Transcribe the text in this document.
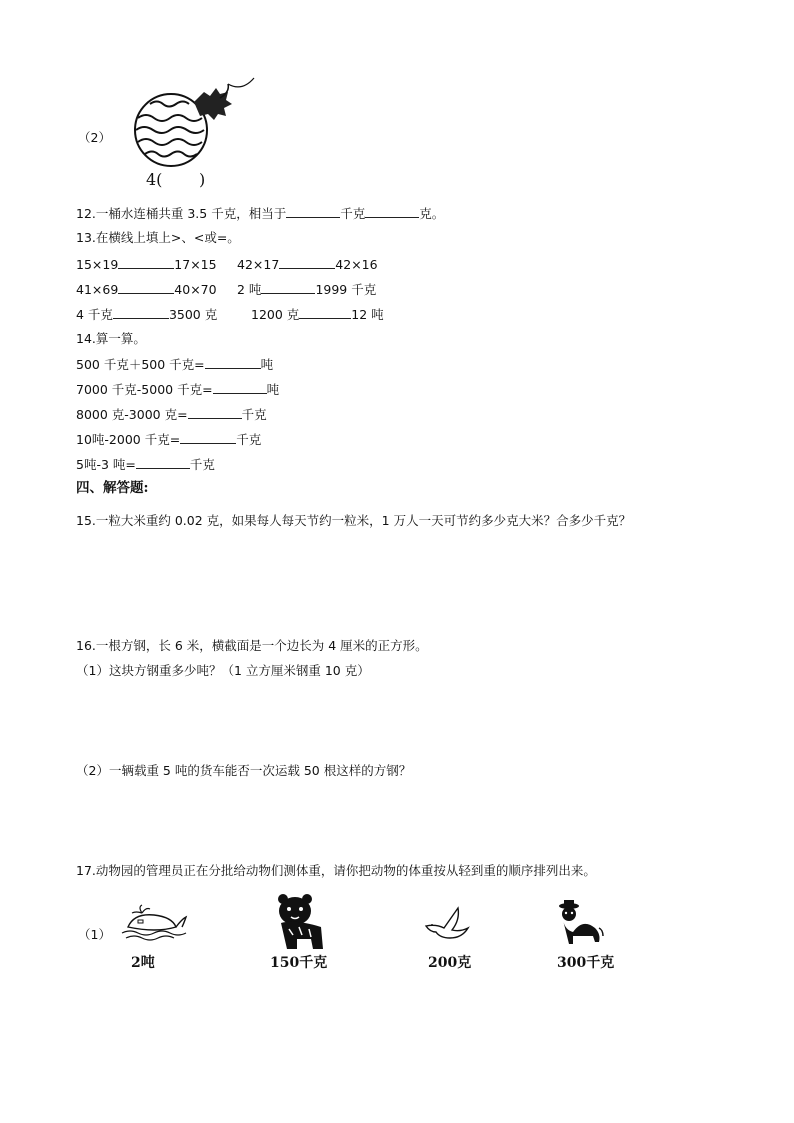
（2）
4( )
12.一桶水连桶共重 3.5 千克，相当于	千克	克。
13.在横线上填上>、<或=。
15×19	17×15 42×17	42×16
41×69	40×70 2 吨	1999 千克
4 千克	3500 克	1200 克	12 吨
14.算一算。
500 千克＋500 千克=	吨
7000 千克-5000 千克=	吨
8000 克-3000 克=	千克
10吨-2000 千克=	千克
5吨-3 吨=	千克
四、解答题:
15.一粒大米重约 0.02 克，如果每人每天节约一粒米，1 万人一天可节约多少克大米？合多少千克？
16.一根方钢，长 6 米，横截面是一个边长为 4 厘米的正方形。
（1）这块方钢重多少吨？（1 立方厘米钢重 10 克）
（2）一辆载重 5 吨的货车能否一次运载 50 根这样的方钢？
17.动物园的管理员正在分批给动物们测体重，请你把动物的体重按从轻到重的顺序排列出来。
（1）
2吨	150千克	200克	300千克
